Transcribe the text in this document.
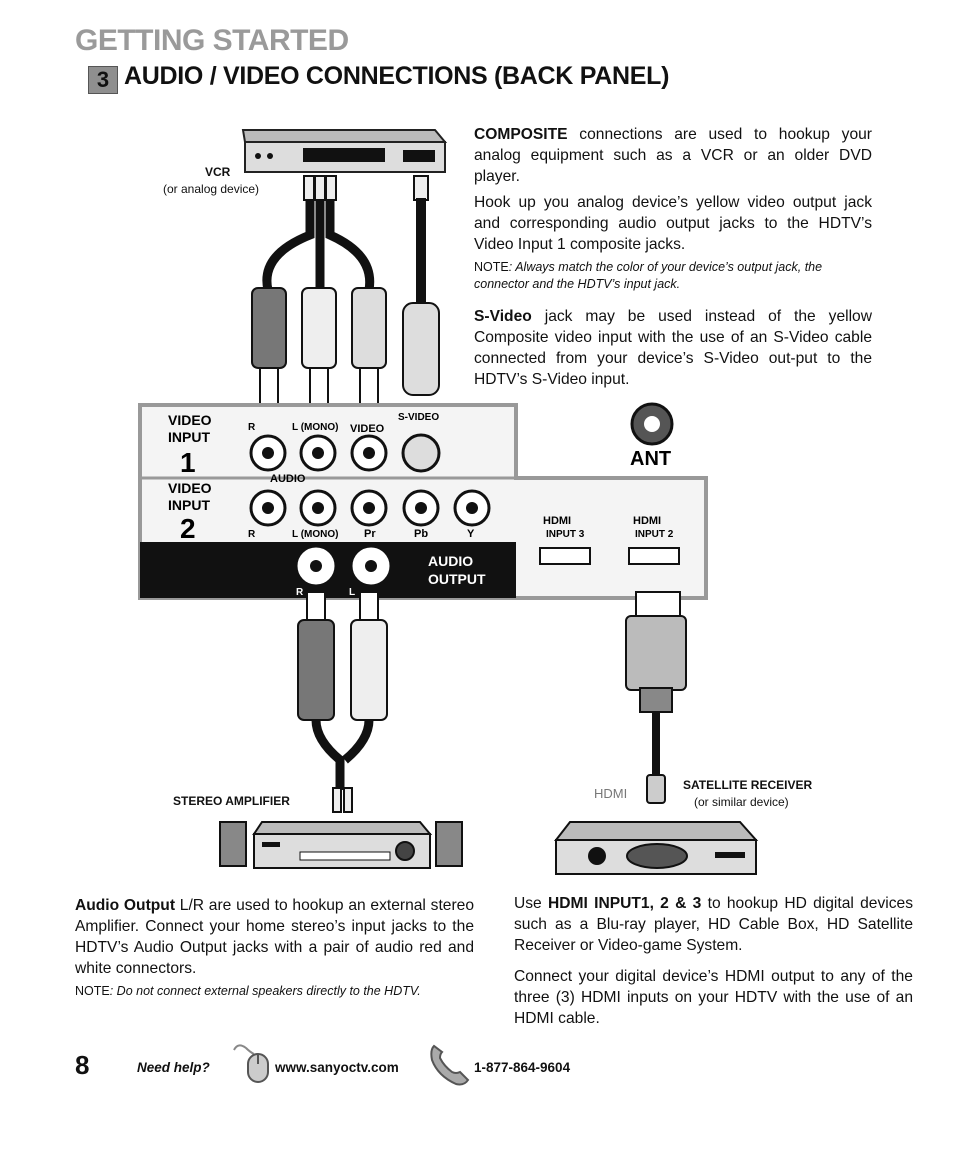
GETTING STARTED
3 AUDIO / VIDEO CONNECTIONS (BACK PANEL)
COMPOSITE connections are used to hookup your analog equipment such as a VCR or an older DVD player.
Hook up you analog device’s yellow video output jack and corresponding audio output jacks to the HDTV’s Video Input 1 composite jacks.
NOTE: Always match the color of your device’s output jack, the connector and the HDTV’s input jack.
S-Video jack may be used instead of the yellow Composite video input with the use of an S-Video cable connected from your device’s S-Video out-put to the HDTV’s S-Video input.
VCR
(or analog device)
STEREO AMPLIFIER	HDMI
SATELLITE RECEIVER
(or similar device)
VIDEO
INPUT
1
VIDEO
INPUT
2
R	L (MONO) VIDEO
S-VIDEO
AUDIO
R	L (MONO) Pr	Pb	Y
AUDIO
OUTPUT
R	L
ANT
HDMI
INPUT 3
HDMI
INPUT 2
Audio Output L/R are used to hookup an external stereo Amplifier. Connect your home stereo’s input jacks to the HDTV’s Audio Output jacks with a pair of audio red and white connectors.
NOTE: Do not connect external speakers directly to the HDTV.
Use HDMI INPUT1, 2 & 3 to hookup HD digital devices such as a Blu-ray player, HD Cable Box, HD Satellite Receiver or Video-game System.
Connect your digital device’s HDMI output to any of the three (3) HDMI inputs on your HDTV with the use of an HDMI cable.
8	Need help?	www.sanyoctv.com	1-877-864-9604
